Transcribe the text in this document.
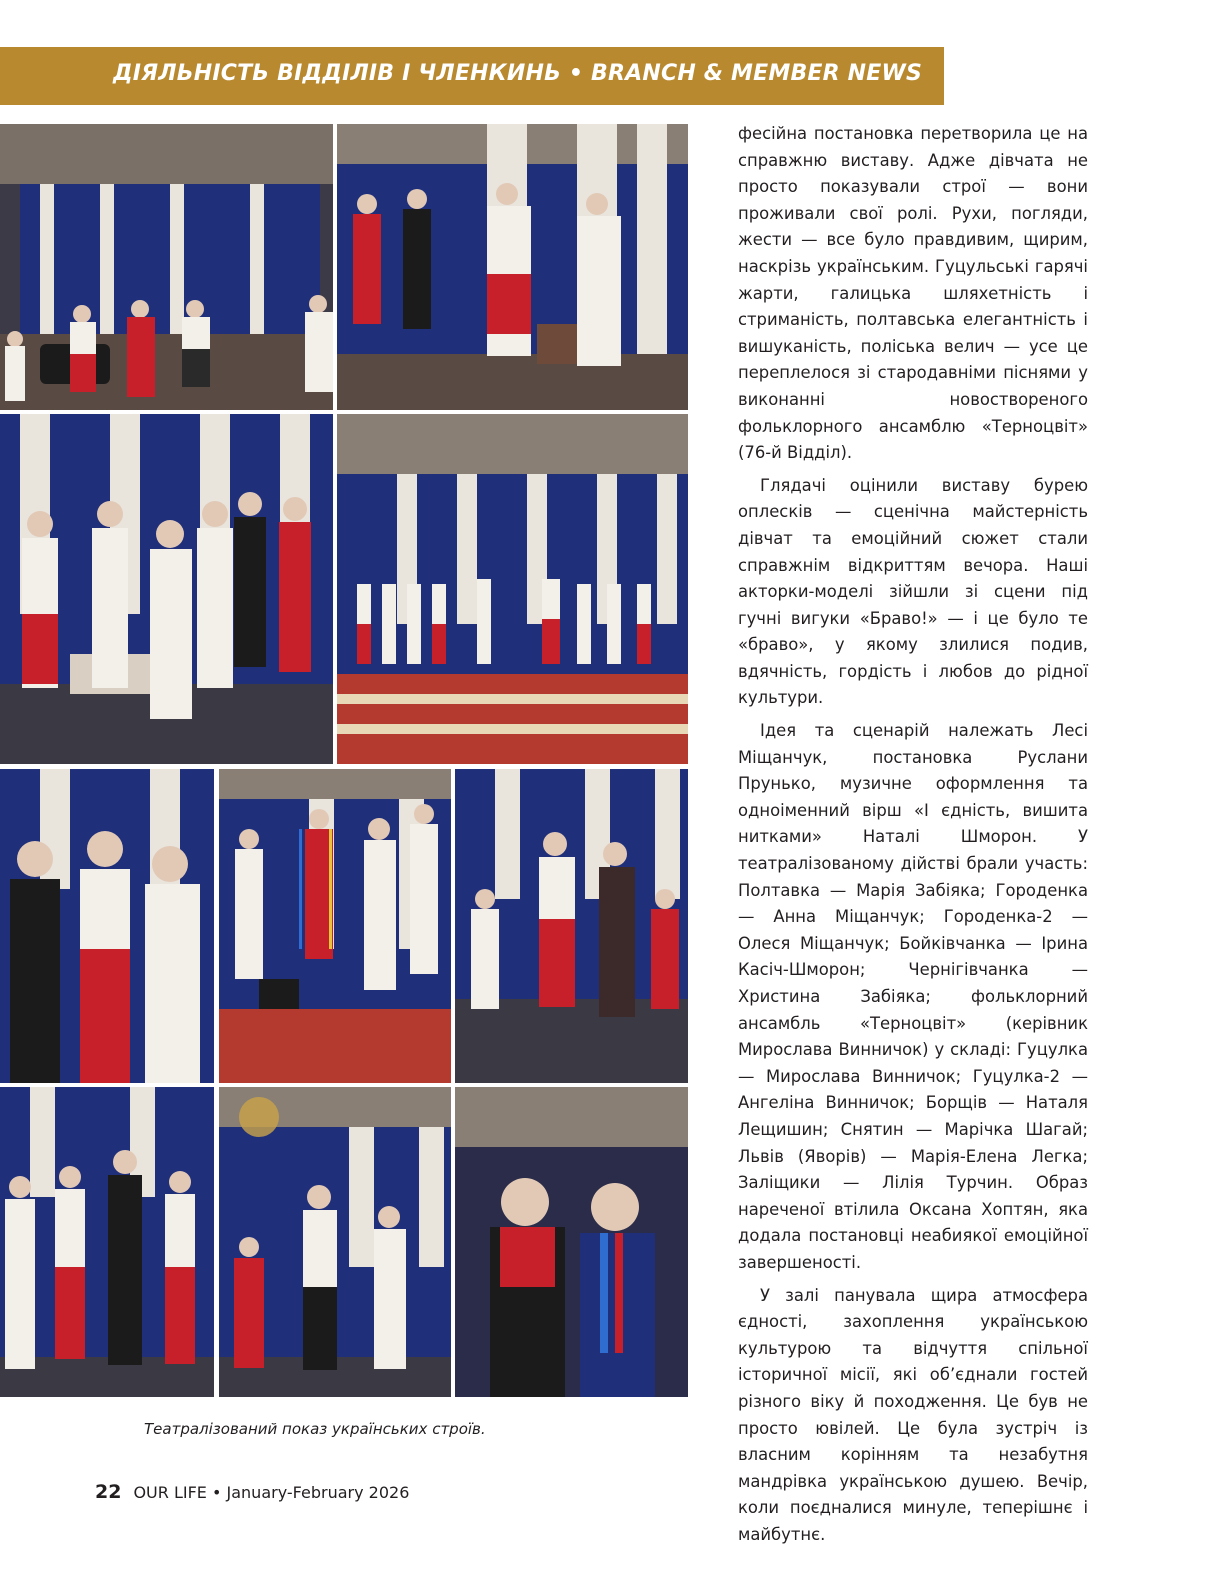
ДІЯЛЬНІСТЬ ВІДДІЛІВ І ЧЛЕНКИНЬ • BRANCH & MEMBER NEWS
Театралізований показ українських строїв.

фесійна постановка перетворила це на справжню виставу. Адже дівчата не просто показували строї — вони проживали свої ролі. Рухи, погляди, жести — все було правдивим, щирим, наскрізь українським. Гуцульські гарячі жарти, галицька шляхетність і стриманість, полтавська елегантність і вишуканість, поліська велич — усе це переплелося зі стародавніми піснями у виконанні новоствореного фольклорного ансамблю «Терноцвіт» (76-й Відділ).

Глядачі оцінили виставу бурею оплесків — сценічна майстерність дівчат та емоційний сюжет стали справжнім відкриттям вечора. Наші акторки-моделі зійшли зі сцени під гучні вигуки «Браво!» — і це було те «браво», у якому злилися подив, вдячність, гордість і любов до рідної культури.

Ідея та сценарій належать Лесі Міщанчук, постановка Руслани Прунько, музичне оформлення та одноіменний вірш «І єдність, вишита нитками» Наталі Шморон. У театралізованому дійстві брали участь: Полтавка — Марія Забіяка; Городенка — Анна Міщанчук; Городенка-2 — Олеся Міщанчук; Бойківчанка — Ірина Касіч-Шморон; Чернігівчанка — Христина Забіяка; фольклорний ансамбль «Терноцвіт» (керівник Мирослава Винничок) у складі: Гуцулка — Мирослава Винничок; Гуцулка-2 — Ангеліна Винничок; Борщів — Наталя Лещишин; Снятин — Марічка Шагай; Львів (Яворів) — Марія-Елена Легка; Заліщики — Лілія Турчин. Образ нареченої втілила Оксана Хоптян, яка додала постановці неабиякої емоційної завершеності.

У залі панувала щира атмосфера єдності, захоплення українською культурою та відчуття спільної історичної місії, які об’єднали гостей різного віку й походження. Це був не просто ювілей. Це була зустріч із власним корінням та незабутня мандрівка українською душею. Вечір, коли поєдналися минуле, теперішнє і майбутнє.

22 OUR LIFE • January-February 2026
